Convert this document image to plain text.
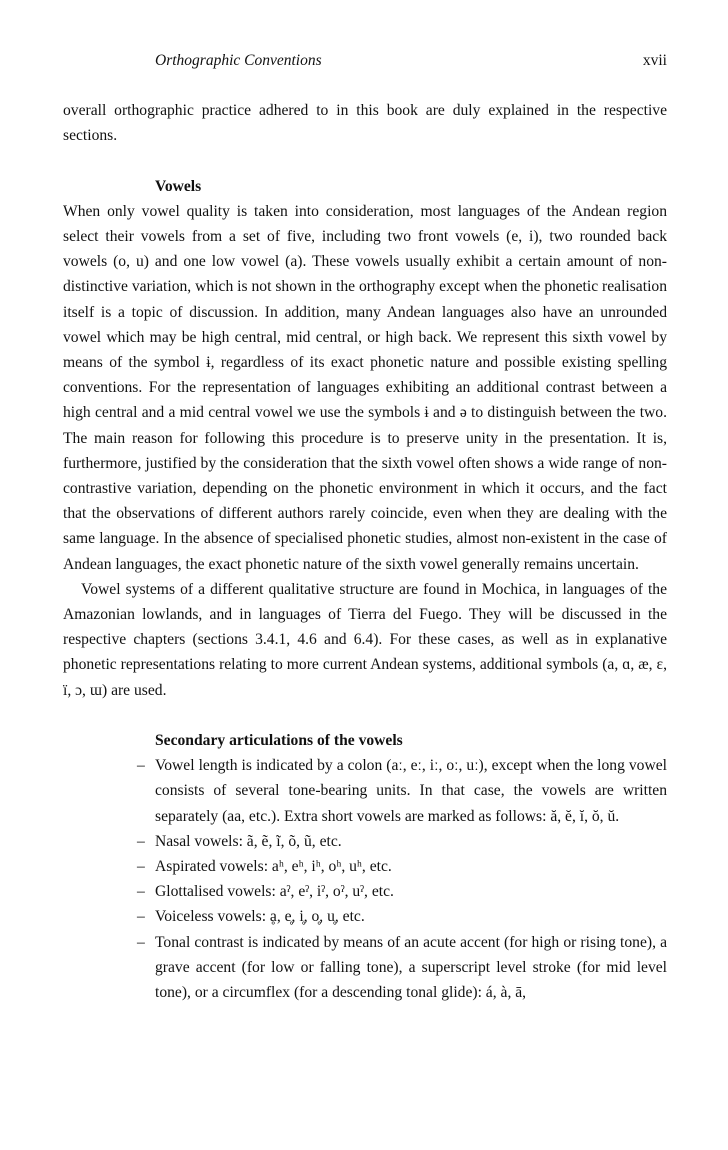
Orthographic Conventions	xvii

overall orthographic practice adhered to in this book are duly explained in the respective sections.

Vowels

When only vowel quality is taken into consideration, most languages of the Andean region select their vowels from a set of five, including two front vowels (e, i), two rounded back vowels (o, u) and one low vowel (a). These vowels usually exhibit a certain amount of non-distinctive variation, which is not shown in the orthography except when the phonetic realisation itself is a topic of discussion. In addition, many Andean languages also have an unrounded vowel which may be high central, mid central, or high back. We represent this sixth vowel by means of the symbol ɨ, regardless of its exact phonetic nature and possible existing spelling conventions. For the representation of languages exhibiting an additional contrast between a high central and a mid central vowel we use the symbols ɨ and ə to distinguish between the two. The main reason for following this procedure is to preserve unity in the presentation. It is, furthermore, justified by the consideration that the sixth vowel often shows a wide range of non-contrastive variation, depending on the phonetic environment in which it occurs, and the fact that the observations of different authors rarely coincide, even when they are dealing with the same language. In the absence of specialised phonetic studies, almost non-existent in the case of Andean languages, the exact phonetic nature of the sixth vowel generally remains uncertain.

Vowel systems of a different qualitative structure are found in Mochica, in languages of the Amazonian lowlands, and in languages of Tierra del Fuego. They will be discussed in the respective chapters (sections 3.4.1, 4.6 and 6.4). For these cases, as well as in explanative phonetic representations relating to more current Andean systems, additional symbols (a, ɑ, æ, ɛ, ï, ɔ, ɯ) are used.

Secondary articulations of the vowels
– Vowel length is indicated by a colon (aː, eː, iː, oː, uː), except when the long vowel consists of several tone-bearing units. In that case, the vowels are written separately (aa, etc.). Extra short vowels are marked as follows: ă, ĕ, ĭ, ŏ, ŭ.
– Nasal vowels: ã, ẽ, ĩ, õ, ũ, etc.
– Aspirated vowels: aʰ, eʰ, iʰ, oʰ, uʰ, etc.
– Glottalised vowels: aˀ, eˀ, iˀ, oˀ, uˀ, etc.
– Voiceless vowels: ḁ, e̥, i̥, o̥, u̥, etc.
– Tonal contrast is indicated by means of an acute accent (for high or rising tone), a grave accent (for low or falling tone), a superscript level stroke (for mid level tone), or a circumflex (for a descending tonal glide): á, à, ā,
